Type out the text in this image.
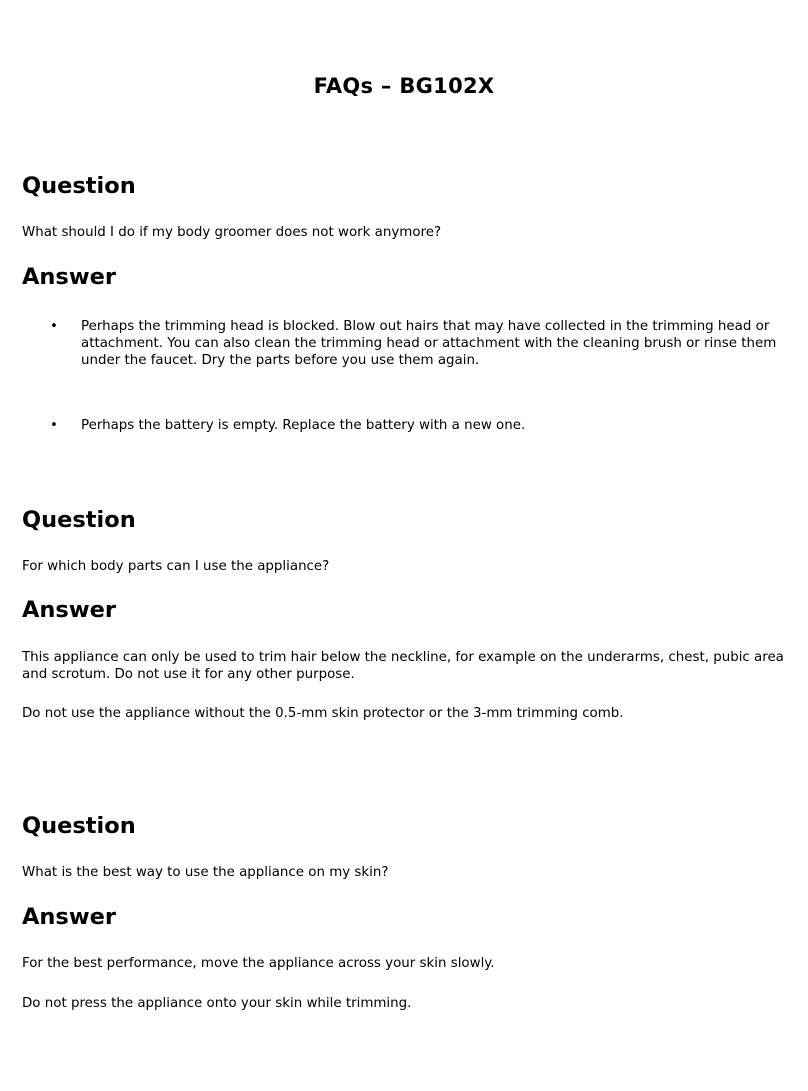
FAQs – BG102X
Question

What should I do if my body groomer does not work anymore?

Answer
• Perhaps the trimming head is blocked. Blow out hairs that may have collected in the trimming head or attachment. You can also clean the trimming head or attachment with the cleaning brush or rinse them under the faucet. Dry the parts before you use them again.

• Perhaps the battery is empty. Replace the battery with a new one.

Question

For which body parts can I use the appliance?

Answer

This appliance can only be used to trim hair below the neckline, for example on the underarms, chest, pubic area and scrotum. Do not use it for any other purpose.

Do not use the appliance without the 0.5-mm skin protector or the 3-mm trimming comb.

Question

What is the best way to use the appliance on my skin?

Answer

For the best performance, move the appliance across your skin slowly.

Do not press the appliance onto your skin while trimming.
